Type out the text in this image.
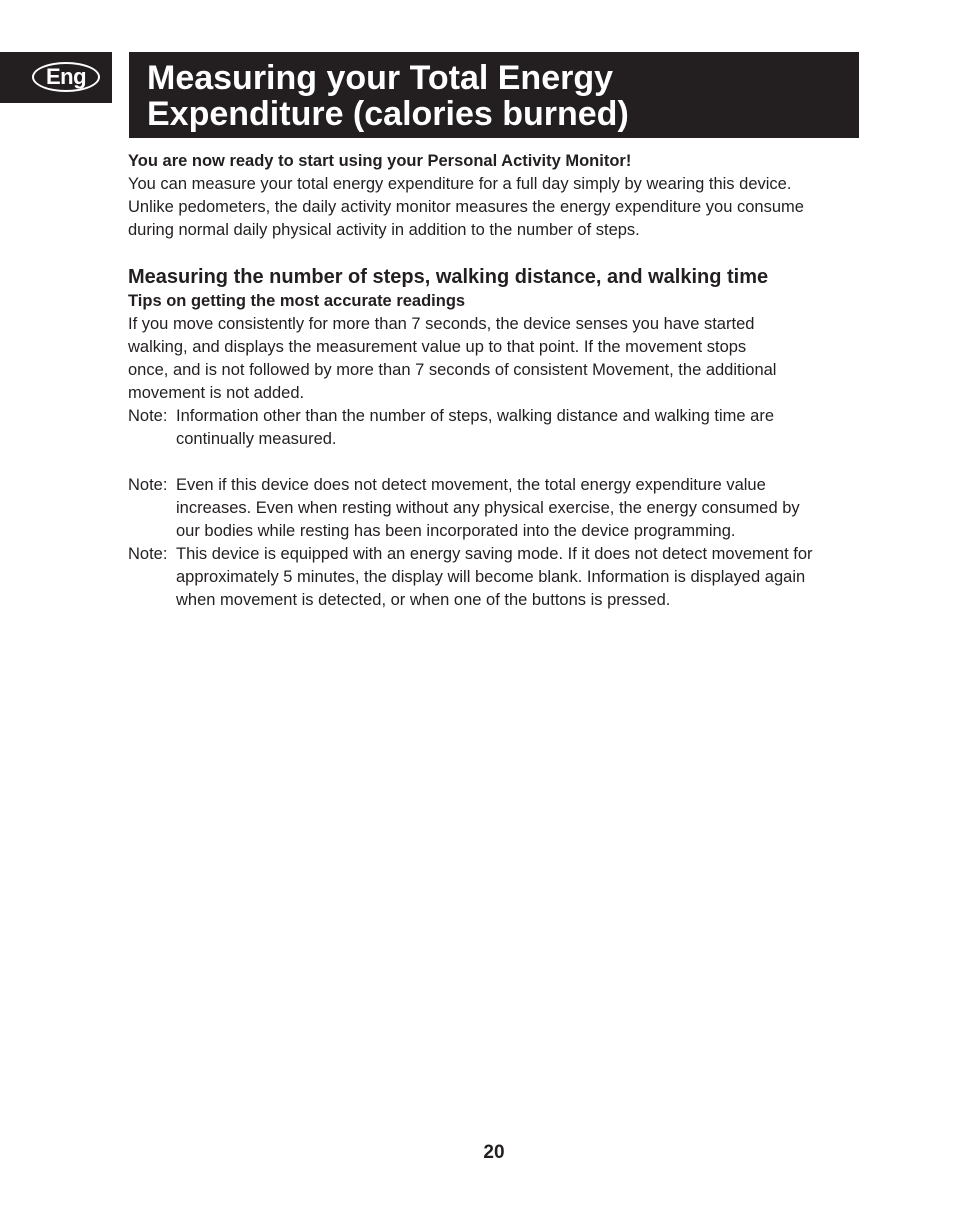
Eng	Measuring your Total Energy
Expenditure (calories burned)
You are now ready to start using your Personal Activity Monitor!
You can measure your total energy expenditure for a full day simply by wearing this device.
Unlike pedometers, the daily activity monitor measures the energy expenditure you consume
during normal daily physical activity in addition to the number of steps.
Measuring the number of steps, walking distance, and walking time
Tips on getting the most accurate readings
If you move consistently for more than 7 seconds, the device senses you have started
walking, and displays the measurement value up to that point. If the movement stops
once, and is not followed by more than 7 seconds of consistent Movement, the additional
movement is not added.
Note: Information other than the number of steps, walking distance and walking time are
continually measured.
Note: Even if this device does not detect movement, the total energy expenditure value
increases. Even when resting without any physical exercise, the energy consumed by
our bodies while resting has been incorporated into the device programming.
Note: This device is equipped with an energy saving mode. If it does not detect movement for
approximately 5 minutes, the display will become blank. Information is displayed again
when movement is detected, or when one of the buttons is pressed.
20
